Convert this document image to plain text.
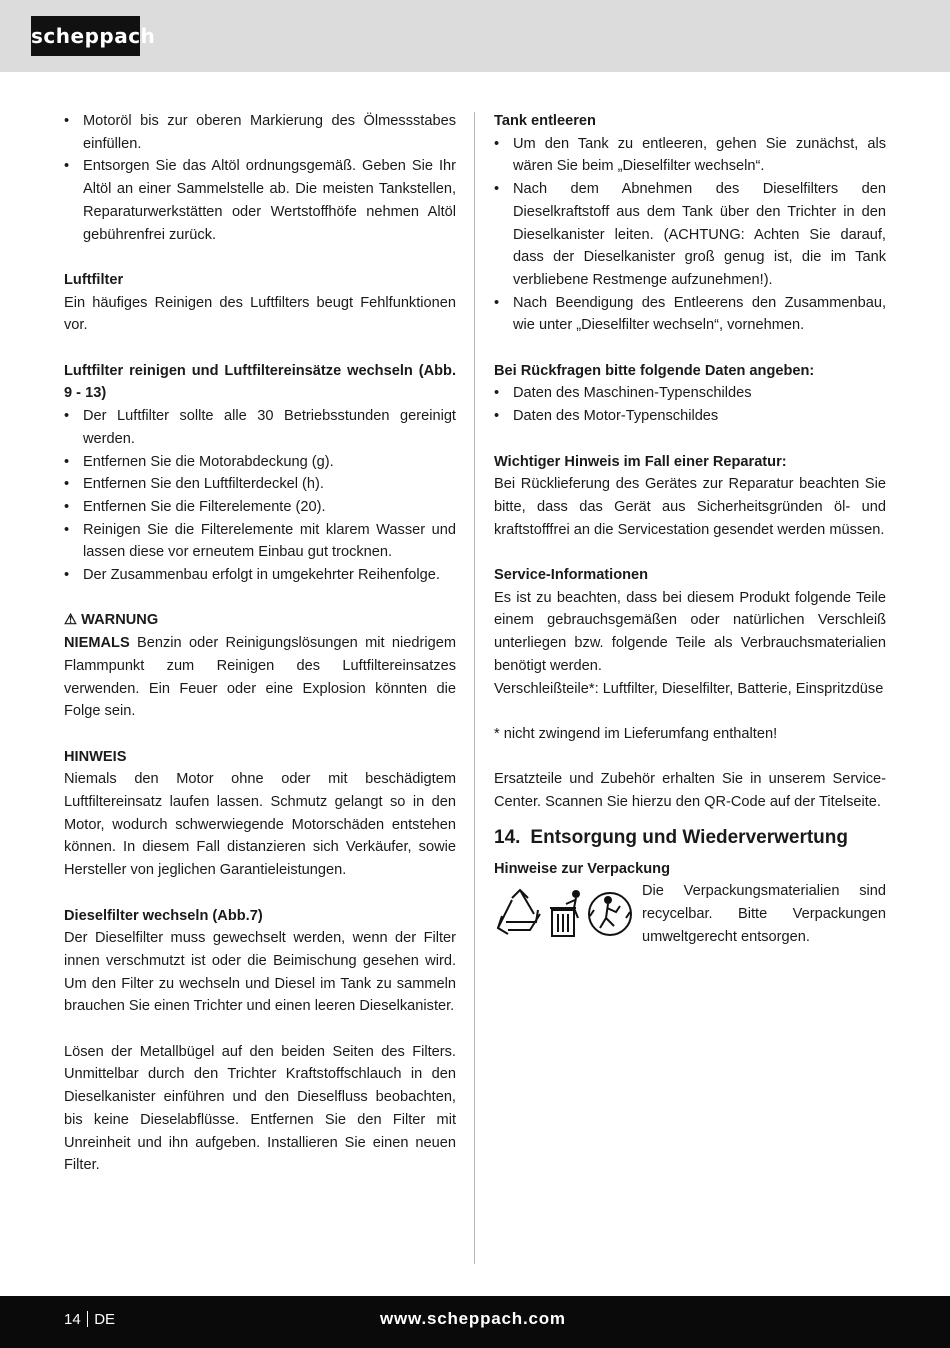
scheppach
• Motoröl bis zur oberen Markierung des Ölmessstabes einfüllen.
• Entsorgen Sie das Altöl ordnungsgemäß. Geben Sie Ihr Altöl an einer Sammelstelle ab. Die meisten Tankstellen, Reparaturwerkstätten oder Wertstoffhöfe nehmen Altöl gebührenfrei zurück.

Luftfilter

Ein häufiges Reinigen des Luftfilters beugt Fehlfunktionen vor.

Luftfilter reinigen und Luftfiltereinsätze wechseln (Abb. 9 - 13)

• Der Luftfilter sollte alle 30 Betriebsstunden gereinigt werden.
• Entfernen Sie die Motorabdeckung (g).
• Entfernen Sie den Luftfilterdeckel (h).
• Entfernen Sie die Filterelemente (20).
• Reinigen Sie die Filterelemente mit klarem Wasser und lassen diese vor erneutem Einbau gut trocknen.
• Der Zusammenbau erfolgt in umgekehrter Reihenfolge.

⚠ WARNUNG

NIEMALS Benzin oder Reinigungslösungen mit niedrigem Flammpunkt zum Reinigen des Luftfiltereinsatzes verwenden. Ein Feuer oder eine Explosion könnten die Folge sein.

HINWEIS

Niemals den Motor ohne oder mit beschädigtem Luftfiltereinsatz laufen lassen. Schmutz gelangt so in den Motor, wodurch schwerwiegende Motorschäden entstehen können. In diesem Fall distanzieren sich Verkäufer, sowie Hersteller von jeglichen Garantieleistungen.

Dieselfilter wechseln (Abb.7)

Der Dieselfilter muss gewechselt werden, wenn der Filter innen verschmutzt ist oder die Beimischung gesehen wird. Um den Filter zu wechseln und Diesel im Tank zu sammeln brauchen Sie einen Trichter und einen leeren Dieselkanister.

Lösen der Metallbügel auf den beiden Seiten des Filters. Unmittelbar durch den Trichter Kraftstoffschlauch in den Dieselkanister einführen und den Dieselfluss beobachten, bis keine Dieselabflüsse. Entfernen Sie den Filter mit Unreinheit und ihn aufgeben. Installieren Sie einen neuen Filter.

Tank entleeren

• Um den Tank zu entleeren, gehen Sie zunächst, als wären Sie beim „Dieselfilter wechseln“.
• Nach dem Abnehmen des Dieselfilters den Dieselkraftstoff aus dem Tank über den Trichter in den Dieselkanister leiten. (ACHTUNG: Achten Sie darauf, dass der Dieselkanister groß genug ist, die im Tank verbliebene Restmenge aufzunehmen!).
• Nach Beendigung des Entleerens den Zusammenbau, wie unter „Dieselfilter wechseln“, vornehmen.

Bei Rückfragen bitte folgende Daten angeben:

• Daten des Maschinen-Typenschildes
• Daten des Motor-Typenschildes

Wichtiger Hinweis im Fall einer Reparatur:

Bei Rücklieferung des Gerätes zur Reparatur beachten Sie bitte, dass das Gerät aus Sicherheitsgründen öl- und kraftstofffrei an die Servicestation gesendet werden müssen.

Service-Informationen

Es ist zu beachten, dass bei diesem Produkt folgende Teile einem gebrauchsgemäßen oder natürlichen Verschleiß unterliegen bzw. folgende Teile als Verbrauchsmaterialien benötigt werden.

Verschleißteile*: Luftfilter, Dieselfilter, Batterie, Einspritzdüse

* nicht zwingend im Lieferumfang enthalten!

Ersatzteile und Zubehör erhalten Sie in unserem Service-Center. Scannen Sie hierzu den QR-Code auf der Titelseite.

14. Entsorgung und Wiederverwertung

Hinweise zur Verpackung

Die Verpackungsmaterialien sind recycelbar. Bitte Verpackungen umweltgerecht entsorgen.

14 DE	www.scheppach.com
